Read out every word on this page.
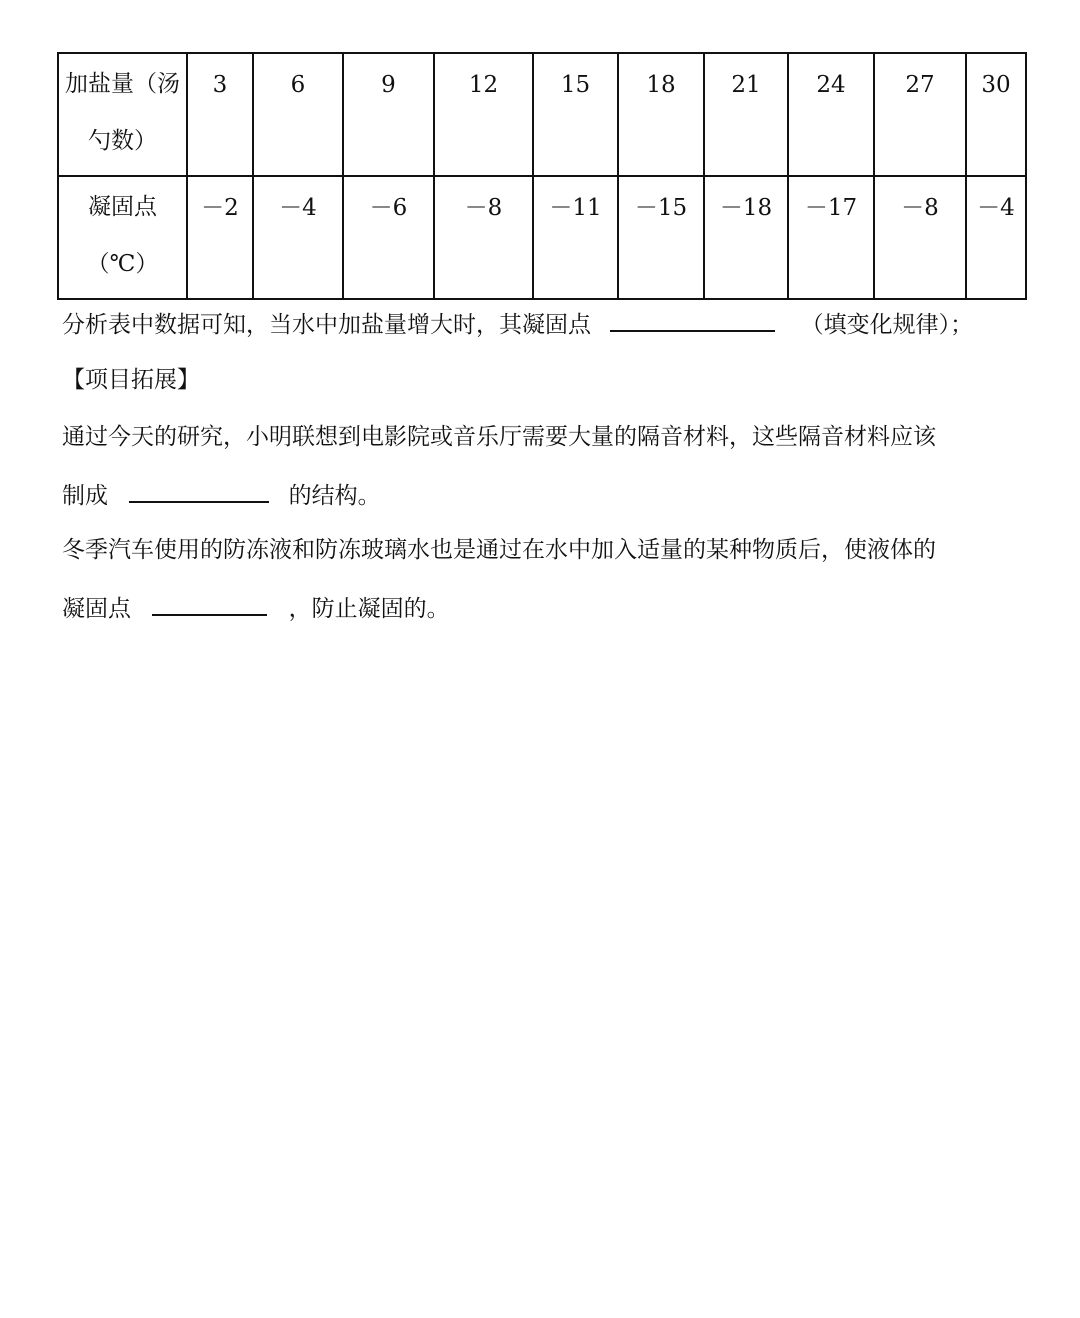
加盐量（汤
勺数）	3	6	9	12	15	18	21	24	27	30

凝固点
（℃）	－2	－4	－6	－8	－11	－15	－18	－17	－8	－4
分析表中数据可知，当水中加盐量增大时，其凝固点	（填变化规律）；
【项目拓展】
通过今天的研究，小明联想到电影院或音乐厅需要大量的隔音材料，这些隔音材料应该
制成	的结构。
冬季汽车使用的防冻液和防冻玻璃水也是通过在水中加入适量的某种物质后，使液体的
凝固点	，防止凝固的。
